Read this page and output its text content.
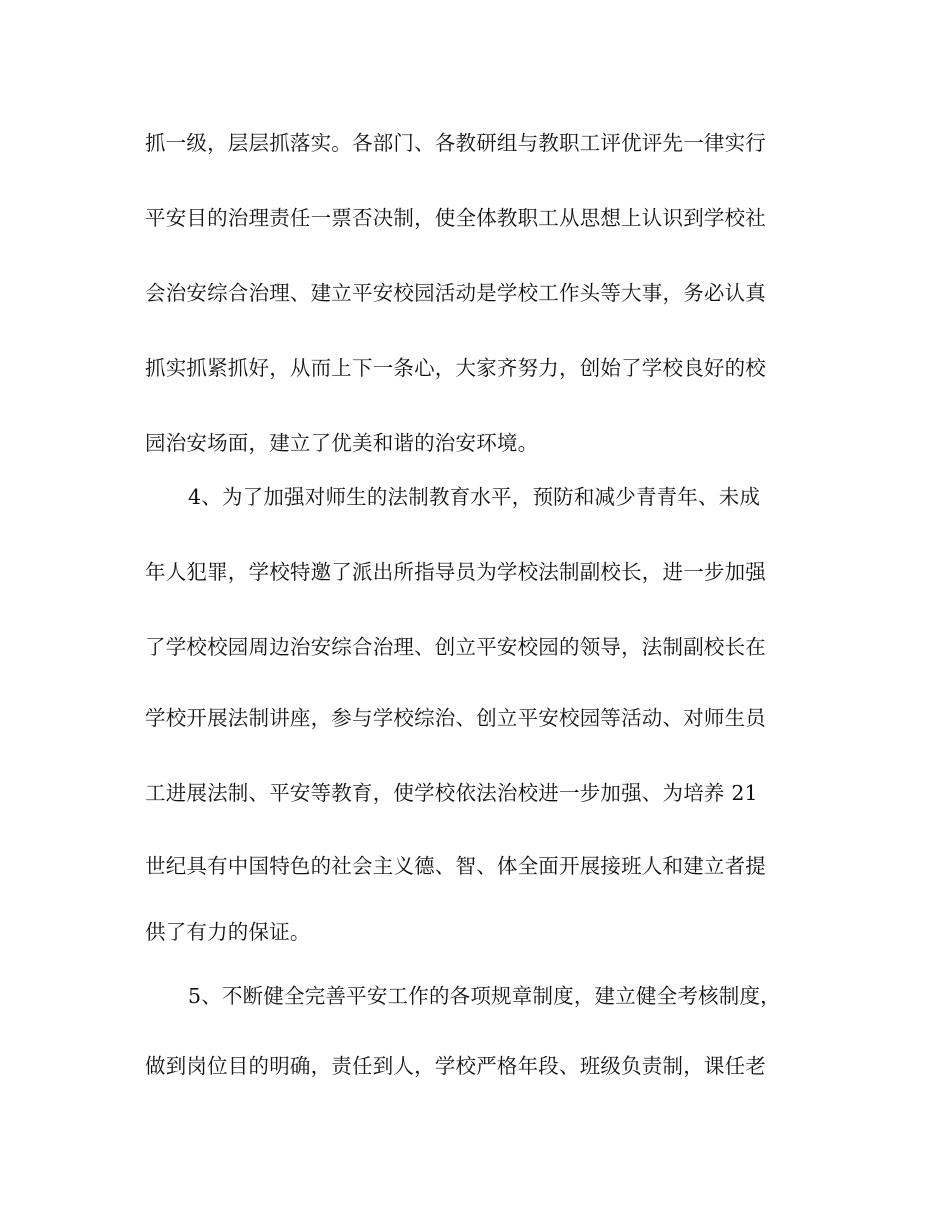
抓一级，层层抓落实。各部门、各教研组与教职工评优评先一律实行
平安目的治理责任一票否决制，使全体教职工从思想上认识到学校社
会治安综合治理、建立平安校园活动是学校工作头等大事，务必认真
抓实抓紧抓好，从而上下一条心，大家齐努力，创始了学校良好的校
园治安场面，建立了优美和谐的治安环境。
4、为了加强对师生的法制教育水平，预防和减少青青年、未成
年人犯罪，学校特邀了派出所指导员为学校法制副校长，进一步加强
了学校校园周边治安综合治理、创立平安校园的领导，法制副校长在
学校开展法制讲座，参与学校综治、创立平安校园等活动、对师生员
工进展法制、平安等教育，使学校依法治校进一步加强、为培养 21
世纪具有中国特色的社会主义德、智、体全面开展接班人和建立者提
供了有力的保证。
5、不断健全完善平安工作的各项规章制度，建立健全考核制度，
做到岗位目的明确，责任到人，学校严格年段、班级负责制，课任老
